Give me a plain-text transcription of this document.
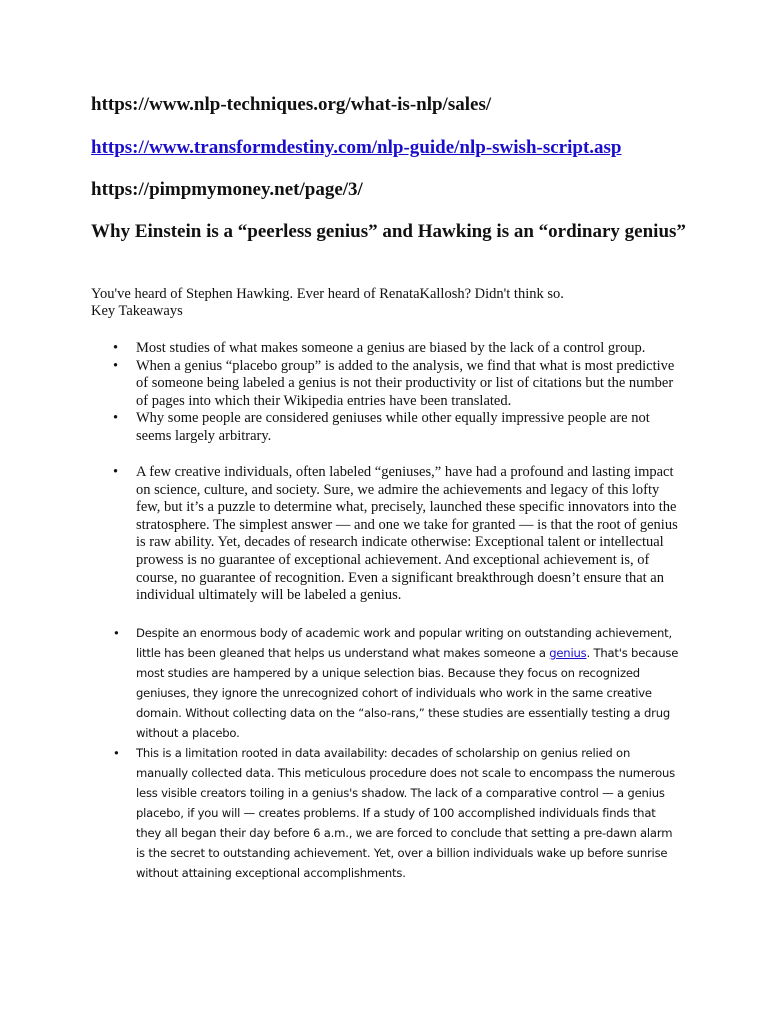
https://www.nlp-techniques.org/what-is-nlp/sales/
https://www.transformdestiny.com/nlp-guide/nlp-swish-script.asp
https://pimpmymoney.net/page/3/
Why Einstein is a “peerless genius” and Hawking is an “ordinary genius”
You've heard of Stephen Hawking. Ever heard of RenataKallosh? Didn't think so.
Key Takeaways
• Most studies of what makes someone a genius are biased by the lack of a control group.
• When a genius “placebo group” is added to the analysis, we find that what is most predictive of someone being labeled a genius is not their productivity or list of citations but the number of pages into which their Wikipedia entries have been translated.
• Why some people are considered geniuses while other equally impressive people are not seems largely arbitrary.
• A few creative individuals, often labeled “geniuses,” have had a profound and lasting impact on science, culture, and society. Sure, we admire the achievements and legacy of this lofty few, but it’s a puzzle to determine what, precisely, launched these specific innovators into the stratosphere. The simplest answer — and one we take for granted — is that the root of genius is raw ability. Yet, decades of research indicate otherwise: Exceptional talent or intellectual prowess is no guarantee of exceptional achievement. And exceptional achievement is, of course, no guarantee of recognition. Even a significant breakthrough doesn’t ensure that an individual ultimately will be labeled a genius.
• Despite an enormous body of academic work and popular writing on outstanding achievement, little has been gleaned that helps us understand what makes someone a genius. That's because most studies are hampered by a unique selection bias. Because they focus on recognized geniuses, they ignore the unrecognized cohort of individuals who work in the same creative domain. Without collecting data on the “also-rans,” these studies are essentially testing a drug without a placebo.
• This is a limitation rooted in data availability: decades of scholarship on genius relied on manually collected data. This meticulous procedure does not scale to encompass the numerous less visible creators toiling in a genius's shadow. The lack of a comparative control — a genius placebo, if you will — creates problems. If a study of 100 accomplished individuals finds that they all began their day before 6 a.m., we are forced to conclude that setting a pre-dawn alarm is the secret to outstanding achievement. Yet, over a billion individuals wake up before sunrise without attaining exceptional accomplishments.
